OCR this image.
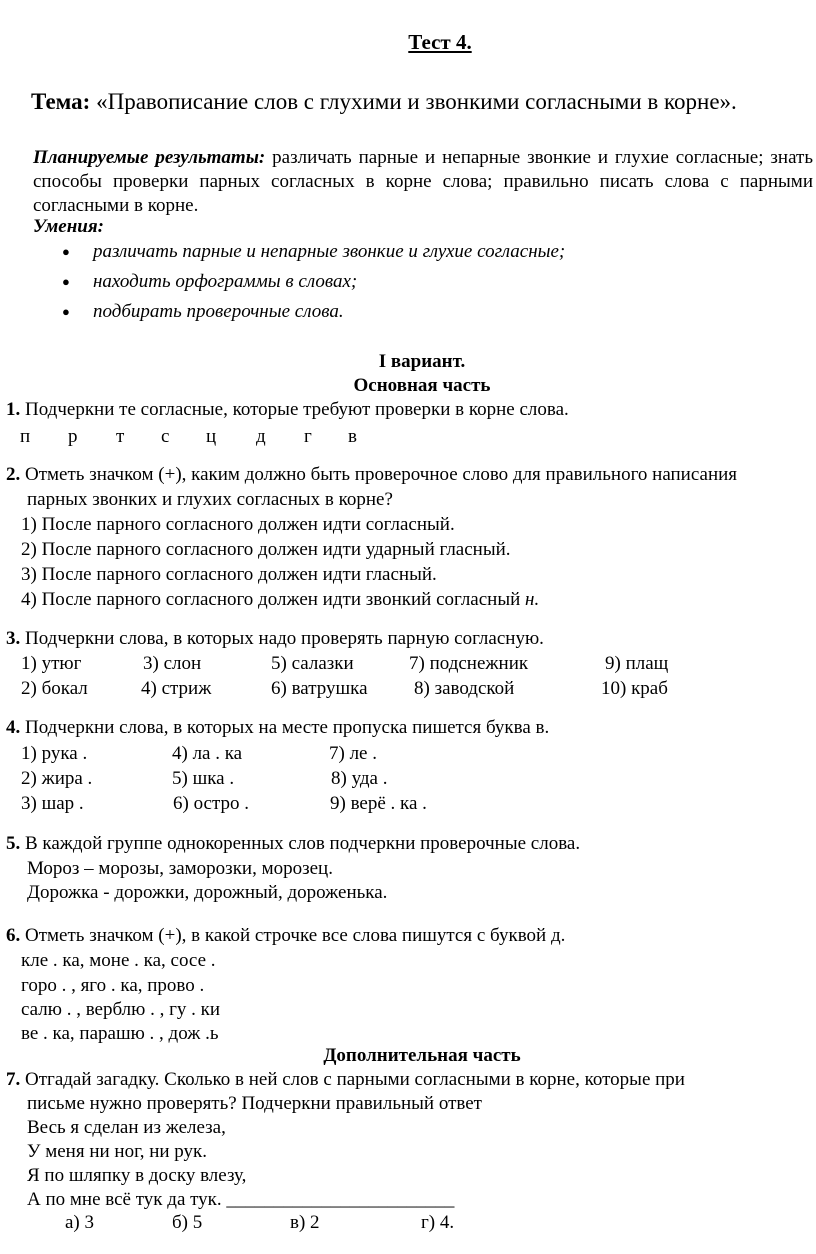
Тест 4.
Тема: «Правописание слов с глухими и звонкими согласными в корне».
Планируемые результаты: различать парные и непарные звонкие и глухие согласные; знать способы проверки парных согласных в корне слова; правильно писать слова с парными согласными в корне.
Умения:
● различать парные и непарные звонкие и глухие согласные;
● находить орфограммы в словах;
● подбирать проверочные слова.
I вариант.
Основная часть
1. Подчеркни те согласные, которые требуют проверки в корне слова.
п р т с ц д г в
2. Отметь значком (+), каким должно быть проверочное слово для правильного написания
парных звонких и глухих согласных в корне?
1) После парного согласного должен идти согласный.
2) После парного согласного должен идти ударный гласный.
3) После парного согласного должен идти гласный.
4) После парного согласного должен идти звонкий согласный н.
3. Подчеркни слова, в которых надо проверять парную согласную.
1) утюг	3) слон	5) салазки	7) подснежник	9) плащ
2) бокал	4) стриж	6) ватрушка 8) заводской	10) краб
4. Подчеркни слова, в которых на месте пропуска пишется буква в.
1) рука .	4) ла . ка	7) ле .
2) жира .	5) шка .	8) уда .
3) шар .	6) остро .	9) верё . ка .
5. В каждой группе однокоренных слов подчеркни проверочные слова.
Мороз – морозы, заморозки, морозец.
Дорожка - дорожки, дорожный, дороженька.
6. Отметь значком (+), в какой строчке все слова пишутся с буквой д.
кле . ка, моне . ка, сосе .
горо . , яго . ка, прово .
салю . , верблю . , гу . ки
ве . ка, парашю . , дож .ь
Дополнительная часть
7. Отгадай загадку. Сколько в ней слов с парными согласными в корне, которые при
письме нужно проверять? Подчеркни правильный ответ
Весь я сделан из железа,
У меня ни ног, ни рук.
Я по шляпку в доску влезу,
А по мне всё тук да тук. ________________________
а) 3	б) 5	в) 2	г) 4.
